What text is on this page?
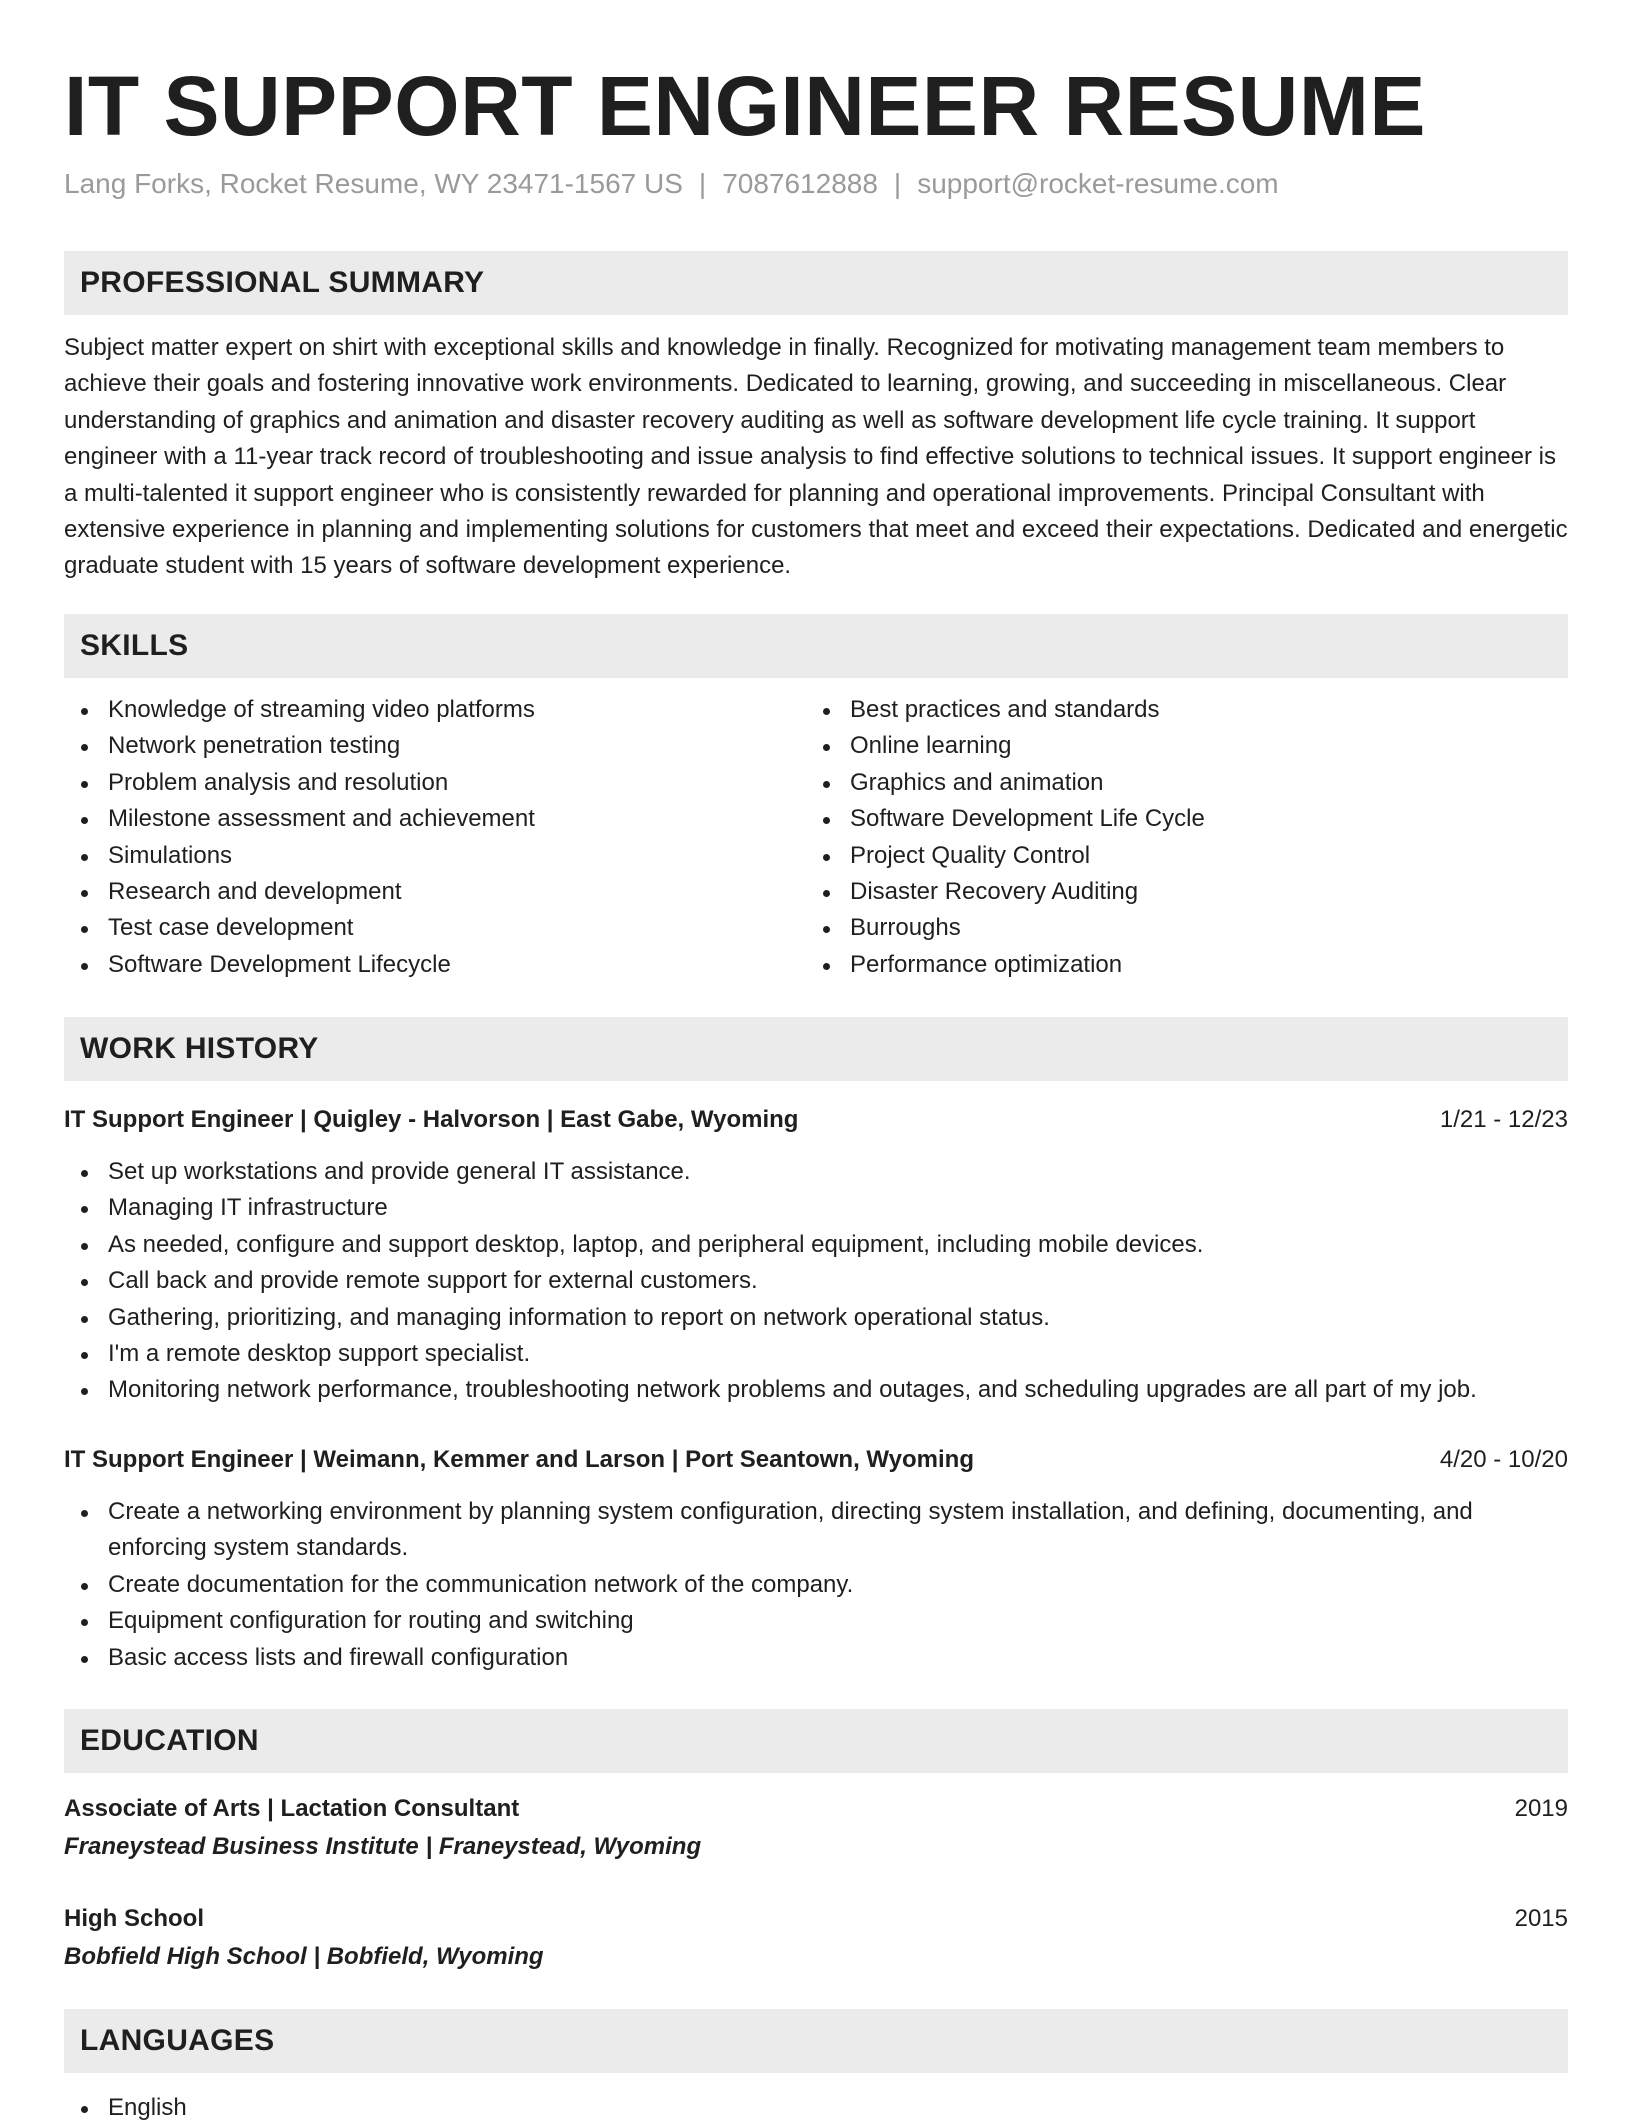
IT SUPPORT ENGINEER RESUME
Lang Forks, Rocket Resume, WY 23471-1567 US | 7087612888 | support@rocket-resume.com
PROFESSIONAL SUMMARY

Subject matter expert on shirt with exceptional skills and knowledge in finally. Recognized for motivating management team members to achieve their goals and fostering innovative work environments. Dedicated to learning, growing, and succeeding in miscellaneous. Clear understanding of graphics and animation and disaster recovery auditing as well as software development life cycle training. It support engineer with a 11-year track record of troubleshooting and issue analysis to find effective solutions to technical issues. It support engineer is a multi-talented it support engineer who is consistently rewarded for planning and operational improvements. Principal Consultant with extensive experience in planning and implementing solutions for customers that meet and exceed their expectations. Dedicated and energetic graduate student with 15 years of software development experience.

SKILLS
Knowledge of streaming video platforms
Network penetration testing
Problem analysis and resolution
Milestone assessment and achievement
Simulations
Research and development
Test case development
Software Development Lifecycle
Best practices and standards
Online learning
Graphics and animation
Software Development Life Cycle
Project Quality Control
Disaster Recovery Auditing
Burroughs
Performance optimization
WORK HISTORY
IT Support Engineer | Quigley - Halvorson | East Gabe, Wyoming	1/21 - 12/23
Set up workstations and provide general IT assistance.
Managing IT infrastructure
As needed, configure and support desktop, laptop, and peripheral equipment, including mobile devices.
Call back and provide remote support for external customers.
Gathering, prioritizing, and managing information to report on network operational status.
I'm a remote desktop support specialist.
Monitoring network performance, troubleshooting network problems and outages, and scheduling upgrades are all part of my job.
IT Support Engineer | Weimann, Kemmer and Larson | Port Seantown, Wyoming	4/20 - 10/20
Create a networking environment by planning system configuration, directing system installation, and defining, documenting, and enforcing system standards.
Create documentation for the communication network of the company.
Equipment configuration for routing and switching
Basic access lists and firewall configuration
EDUCATION
Associate of Arts | Lactation Consultant	2019
Franeystead Business Institute | Franeystead, Wyoming
High School	2015
Bobfield High School | Bobfield, Wyoming
LANGUAGES
English
